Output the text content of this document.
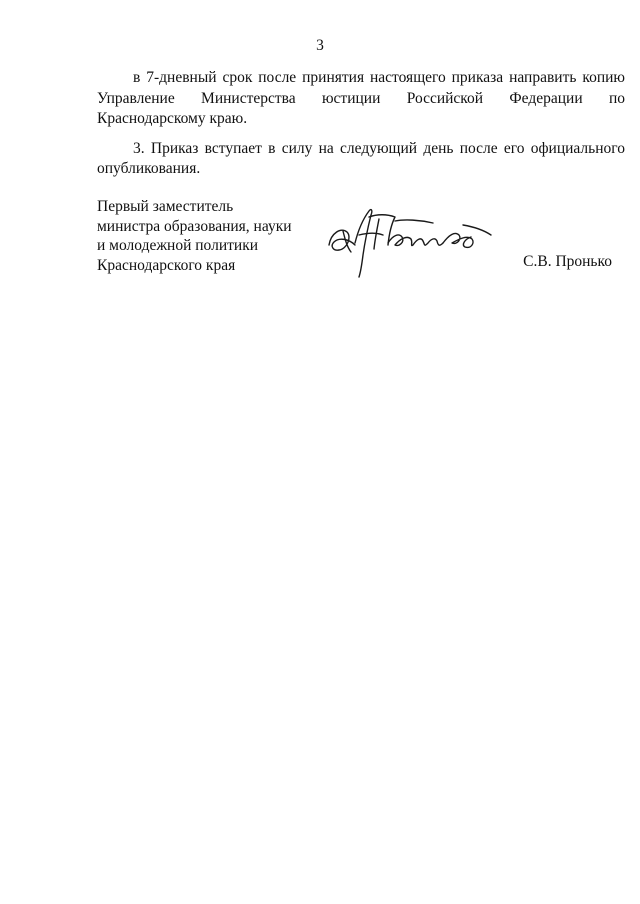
3

в 7-дневный срок после принятия настоящего приказа направить копию Управление Министерства юстиции Российской Федерации по Краснодарскому краю.

3. Приказ вступает в силу на следующий день после его официального опубликования.

Первый заместитель
министра образования, науки
и молодежной политики
Краснодарского края	С.В. Пронько
